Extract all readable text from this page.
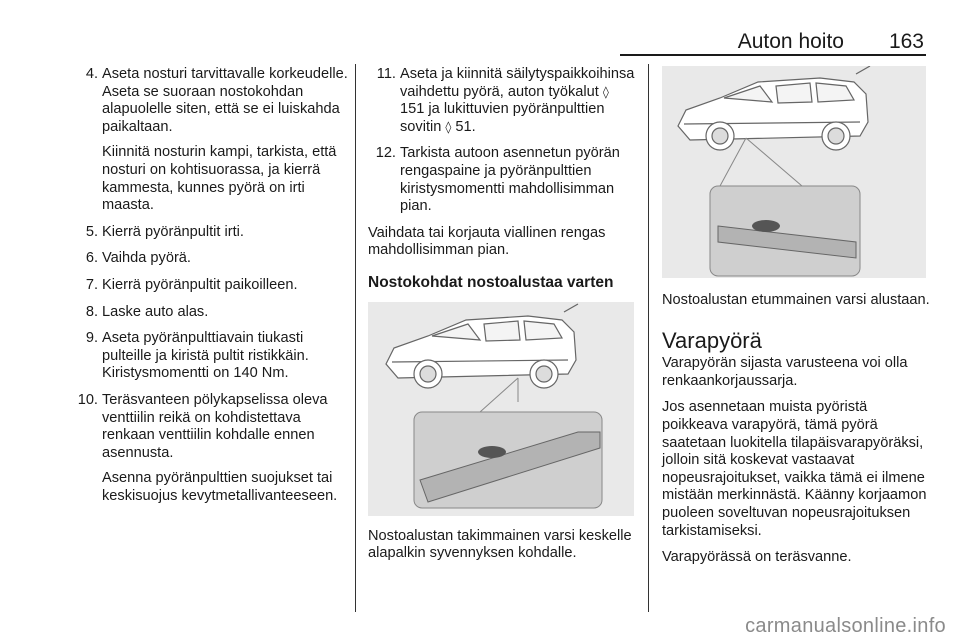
Auton hoito 163
4. Aseta nosturi tarvittavalle korkeudelle. Aseta se suoraan nostokohdan alapuolelle siten, että se ei luiskahda paikaltaan.

Kiinnitä nosturin kampi, tarkista, että nosturi on kohtisuorassa, ja kierrä kammesta, kunnes pyörä on irti maasta.

5. Kierrä pyöränpultit irti.

6. Vaihda pyörä.

7. Kierrä pyöränpultit paikoilleen.

8. Laske auto alas.

9. Aseta pyöränpulttiavain tiukasti pulteille ja kiristä pultit ristikkäin. Kiristysmomentti on 140 Nm.

10. Teräsvanteen pölykapselissa oleva venttiilin reikä on kohdistettava renkaan venttiilin kohdalle ennen asennusta.

Asenna pyöränpulttien suojukset tai keskisuojus kevytmetallivanteeseen.

11. Aseta ja kiinnitä säilytyspaikkoihinsa vaihdettu pyörä, auton työkalut ◊ 151 ja lukittuvien pyöränpulttien sovitin ◊ 51.

12. Tarkista autoon asennetun pyörän rengaspaine ja pyöränpulttien kiristysmomentti mahdollisimman pian.

Vaihdata tai korjauta viallinen rengas mahdollisimman pian.

Nostokohdat nostoalustaa varten

Nostoalustan takimmainen varsi keskelle alapalkin syvennyksen kohdalle.

Nostoalustan etummainen varsi alustaan.

Varapyörä

Varapyörän sijasta varusteena voi olla renkaankorjaussarja.

Jos asennetaan muista pyöristä poikkeava varapyörä, tämä pyörä saatetaan luokitella tilapäisvarapyöräksi, jolloin sitä koskevat vastaavat nopeusrajoitukset, vaikka tämä ei ilmene mistään merkinnästä. Käänny korjaamon puoleen soveltuvan nopeusrajoituksen tarkistamiseksi.

Varapyörässä on teräsvanne.

carmanualsonline.info
